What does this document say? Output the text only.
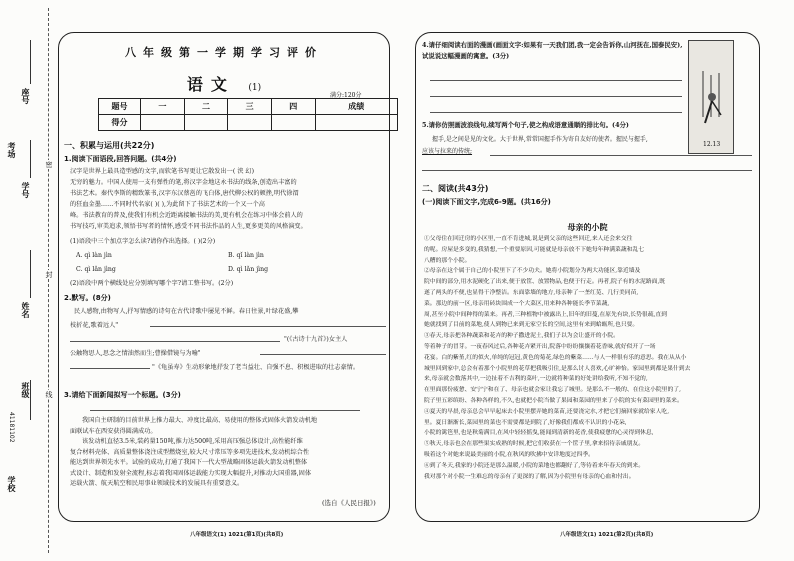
学校
41181102
班级
姓名
学号
座号
考场
密
封
线
八年级第一学期学习评价
语文 (1)
满分:120分
题号	一	二	三	四	成绩
得分					
一、积累与运用(共22分)
1.阅读下面语段,回答问题。(共4分)
汉字是世界上最具造型感的文字,而软笔书写更让它散发出一( 浃 幻)
无穷的魅力。中国人使用一支有弹性的笔,将汉字金地这永书法的线条,创造出丰富的
书法艺术。秦代李斯的精致篆书,汉字东汉蔡邕的飞白体,唐代柳公权的顿挫,明代徐渭
的狂血金墨……不同时代名家( )( ),为此留下了书法艺术的一个又一个高
峰。书法教育的普及,使我们有机会近距离接触书法的美,更有机会在练习中体会前人的
书写技巧,审美追求,领悟书写者的情怀,感受不同书法作品的人生,更多更美的风格演变。
(1)语段中三个加点字怎么读?请你作出选择。( )(2分)
A. qì làn jìn	B. qǐ làn jìn
C. qì lǎn jìng	D. qì lǎn jìng
(2)语段中两个横线处应分别填写哪个字?请工整书写。(2分)
2.默写。(8分)
民人感物,由物写人,抒写情感的诗句在古代诗歌中屡见不鲜。春日往景,叶绿花盛,攀
枝折花,歌着远人"
"(《古诗十九首》)女主人
公触物思人,思念之情油然而生;曹操借镜与为喻"
"《龟虽寿》生动形象地抒发了老当益壮、自强不息、积极进取的壮志豪情。
3.请给下面新闻拟写一个标题。(3分)
我国自主研制的目前世界上推力最大、冲度比最高、易使用的整体式固体火箭发动机地
面联试车在西安获得圆满成功。
该发动机直径3.5米,装药量150吨,推力达500吨,采用高压强总体设计,高性能纤维
复合材料壳体、高质量整体浇注成型燃烧室,较大尺寸常压等多项先进技术,发动机综合性
能达到世界领先水平。试验的成功,打通了我国下一代大型战略固体运载火箭发动机整体
式设计、制造和发射全流程,标志着我国固体运载能力实现大幅提升,对推动大国重器,固体
运载火箭、航天航空和民用事业领域技术的发展具有重要意义。
(选自《人民日报》)
八年级语文(1) 1021(第1页)(共8页)
4.请仔细阅读右面的漫画(画面文字:如果有一天我们团,我一定会告诉你,山河抚在,国泰民安),试说说这幅漫画的寓意。(3分)
12.13
5.请你仿照画波浪线句,续写两个句子,使之构成语意通顺的排比句。(4分)
握手,是之间是见的文化。大于世界,常常国握手作为寄自友好的使者。握民与握手,
应该与拉来的传统;
二、阅读(共43分)
(一)阅读下面文字,完成6-9题。(共16分)
母亲的小院
①父母住在回迁房的小区里,一直不肯进城,说是到父亲的这些回迁,来人还会来交往
的呢。房屋是多变的,我猜想,一个重要原因,可能就是母亲放不下她每年种满菜蔬和乱七
八糟的那个小院。
②母亲在这个属于自己的小院里下了不少功夫。她将小院划分为两大功能区,靠近墙及
院中间的部分,用水泥硬化了出来,便于放筐、放置物品,也便于行走。再者,院子有的水泥路面,既
遂了两头的不便,也显得干净整洁。东面靠墙的地方,母亲种了一垄红苋、几行美同苗,
菜。那边的前一区,母亲用砖块围成一个大菜区,用来种各种能长季节菜蔬,
周,甚至小院中间种得的菜来。再者,三种植物中被露出上,旧年的旧蔓,在原先有块,长势很疏,直到
她就找到了目前的菜地,使人到物已来到无家空长的空间,这里有来到蛤蛎所,也只要。
③春天,母亲把各种蔬菜和花卉的种子撒进泥土,我们子以为会让盛开的小院。
等着种子的冒芽。一夜春风过后,各种花卉紧开出,院落中纷纷攘攘着花香味,就好似开了一场
花宴。白的紫堇,红的似火,单纯的冠冠,黄色的菊花,绿色的紫菜……与人一样很有乐的意思。我在从从小
城里回到家中,总会有着那个小院里的花草把我吸引住,是那么讨人喜欢,心旷神怡。家园里到都是果什到去
来,母亲就会数落其中,一边扯着不吉利的菜叶,一边就将种菜的好处讲给我听,不知不觉的,
在里面那份疲惫、安宁宁和在了、母亲也就会家让我忘了城里。是那么不一般的、在住这小院里的了,
院子里五彩缤纷、各种各样的,不久,也就把小院当做了果园和菜园的里来了小院的实有菜园里的菜来。
④夏天的早晨,母亲总会早早起床去小院里摆弄她的菜苗,还要浇完水,才把它们摘回家就给家人吃,
里。夏日渐渐长,菜园里的菜也不需要都是到院了,好像我们都成不认识的小花朵,
小院的篱笆里,也是秋菊满目,在风中轻轻摇曳,能闻到清新的花香,使我疲惫的心灵得到休息,
⑤秋天,母亲也会在那些果实成熟的时候,把它们收获在一个筐子里,拿来招待亲戚朋友。
吸着这个对她来说最美丽的小院,在秋风的吹拂中安详地度过四季。
⑥到了冬天,我家的小院还是那么温暖,小院的菜地也都翻好了,等待着来年春天的到来。
我对那个对小院一生难忘的母亲有了更深的了解,因为小院里有母亲的心血和付出。
八年级语文(1) 1021(第2页)(共8页)
